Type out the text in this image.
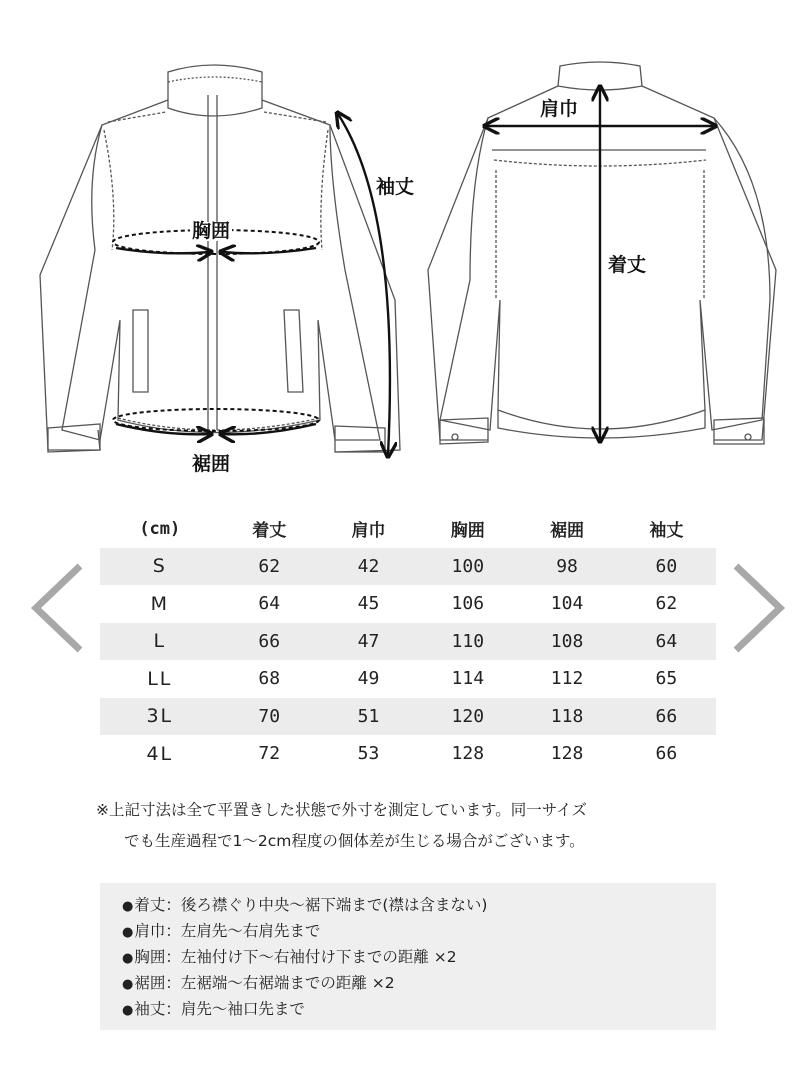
袖丈
胸囲
裾囲
肩巾
着丈
(cm)	着丈	肩巾	胸囲	裾囲	袖丈
S	62	42	100	98	60
M	64	45	106	104	62
L	66	47	110	108	64
LL	68	49	114	112	65
3L	70	51	120	118	66
4L	72	53	128	128	66
※上記寸法は全て平置きした状態で外寸を測定しています。同一サイズ
でも生産過程で1〜2cm程度の個体差が生じる場合がございます。
● 着丈：後ろ襟ぐり中央〜裾下端まで(襟は含まない)
● 肩巾：左肩先〜右肩先まで
● 胸囲：左袖付け下〜右袖付け下までの距離 ×2
● 裾囲：左裾端〜右裾端までの距離 ×2
● 袖丈：肩先〜袖口先まで
